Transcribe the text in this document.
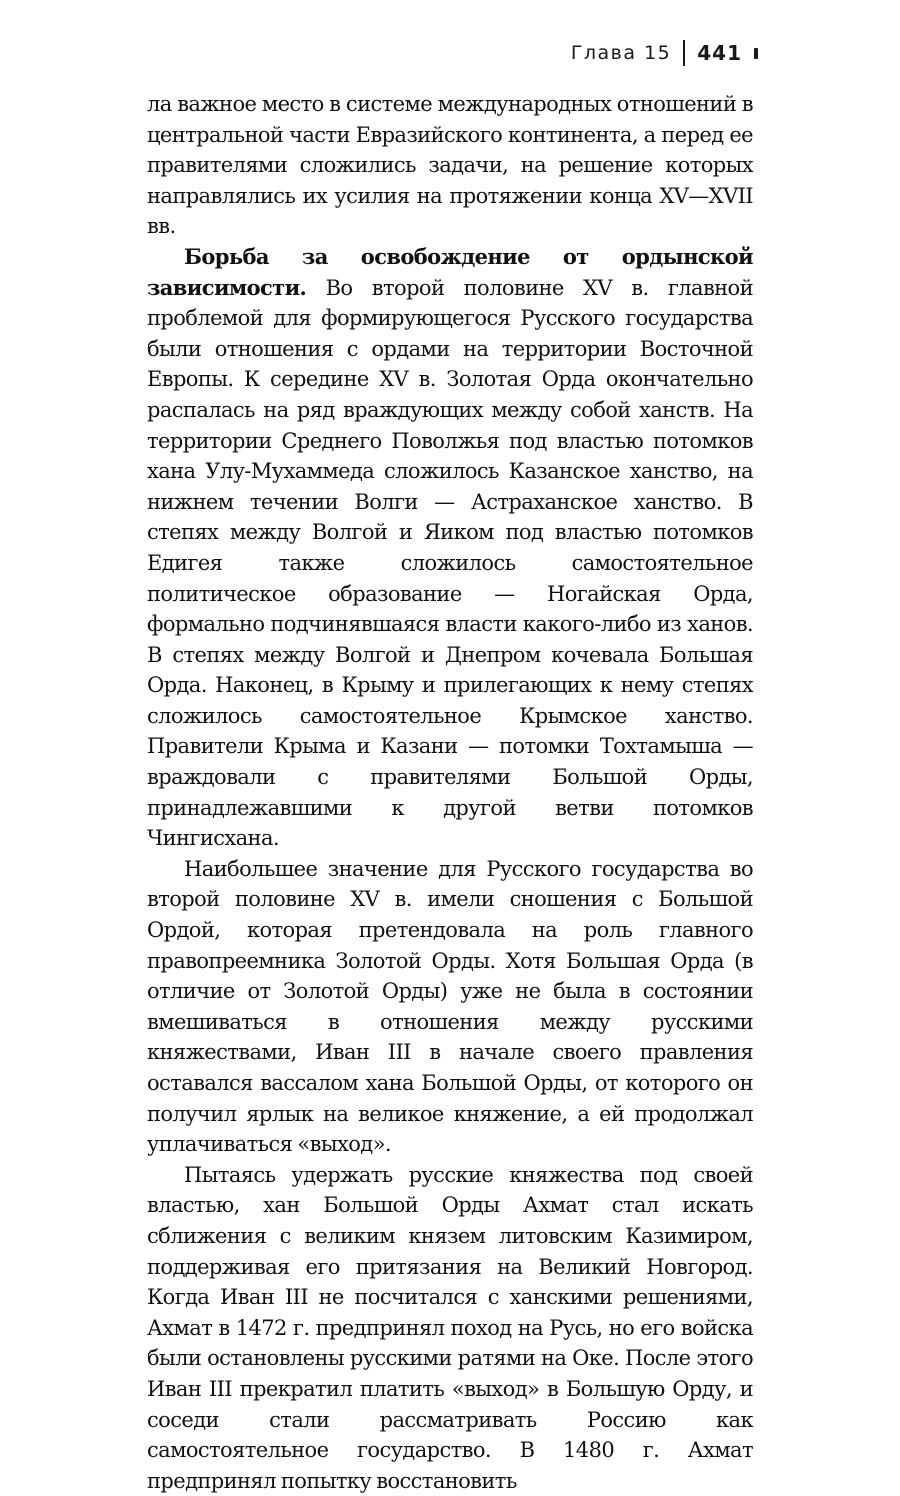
Глава 15 441

ла важное место в системе международных отношений в центральной части Евразийского континента, а перед ее правителями сложились задачи, на решение которых направлялись их усилия на протяжении конца XV—XVII вв.

Борьба за освобождение от ордынской зависимости. Во второй половине XV в. главной проблемой для формирующегося Русского государства были отношения с ордами на территории Восточной Европы. К середине XV в. Золотая Орда окончательно распалась на ряд враждующих между собой ханств. На территории Среднего Поволжья под властью потомков хана Улу-Мухаммеда сложилось Казанское ханство, на нижнем течении Волги — Астраханское ханство. В степях между Волгой и Яиком под властью потомков Едигея также сложилось самостоятельное политическое образование — Ногайская Орда, формально подчинявшаяся власти какого-либо из ханов. В степях между Волгой и Днепром кочевала Большая Орда. Наконец, в Крыму и прилегающих к нему степях сложилось самостоятельное Крымское ханство. Правители Крыма и Казани — потомки Тохтамыша — враждовали с правителями Большой Орды, принадлежавшими к другой ветви потомков Чингисхана.

Наибольшее значение для Русского государства во второй половине XV в. имели сношения с Большой Ордой, которая претендовала на роль главного правопреемника Золотой Орды. Хотя Большая Орда (в отличие от Золотой Орды) уже не была в состоянии вмешиваться в отношения между русскими княжествами, Иван III в начале своего правления оставался вассалом хана Большой Орды, от которого он получил ярлык на великое княжение, а ей продолжал уплачиваться «выход».

Пытаясь удержать русские княжества под своей властью, хан Большой Орды Ахмат стал искать сближения с великим князем литовским Казимиром, поддерживая его притязания на Великий Новгород. Когда Иван III не посчитался с ханскими решениями, Ахмат в 1472 г. предпринял поход на Русь, но его войска были остановлены русскими ратями на Оке. После этого Иван III прекратил платить «выход» в Большую Орду, и соседи стали рассматривать Россию как самостоятельное государство. В 1480 г. Ахмат предпринял попытку восстановить
